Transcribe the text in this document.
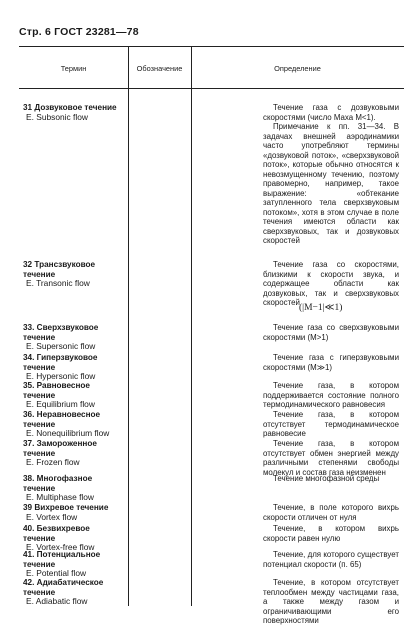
Стр. 6 ГОСТ 23281—78
Термин	Обозначение	Определение
31 Дозвуковое течение
E. Subsonic flow
32 Трансзвуковое течение
E. Transonic flow
33. Сверхзвуковое течение
E. Supersonic flow
34. Гиперзвуковое течение
E. Hypersonic flow
35. Равновесное течение
E. Equilibrium flow
36. Неравновесное течение
E. Nonequilibrium flow
37. Замороженное течение
E. Frozen flow
38. Многофазное течение
E. Multiphase flow
39 Вихревое течение
E. Vortex flow
40. Безвихревое течение
E. Vortex-free flow
41. Потенциальное течение
E. Potential flow
42. Адиабатическое течение
E. Adiabatic flow

Течение газа с дозвуковыми скоростями (число Маха M<1).

Примечание к пп. 31—34. В задачах внешней аэродинамики часто употребляют термины «дозвуковой поток», «сверхзвуковой поток», которые обычно относятся к невозмущенному течению, поэтому правомерно, например, такое выражение: «обтекание затупленного тела сверхзвуковым потоком», хотя в этом случае в поле течения имеются области как сверхзвуковых, так и дозвуковых скоростей

Течение газа со скоростями, близкими к скорости звука, и содержащее области как дозвуковых, так и сверхзвуковых скоростей

(|M−1|≪1)

Течение газа со сверхзвуковыми скоростями (M>1)

Течение газа с гиперзвуковыми скоростями (M≫1)

Течение газа, в котором поддерживается состояние полного термодинамического равновесия

Течение газа, в котором отсутствует термодинамическое равновесие

Течение газа, в котором отсутствует обмен энергией между различными степенями свободы молекул и состав газа неизменен

Течение многофазной среды

Течение, в поле которого вихрь скорости отличен от нуля

Течение, в котором вихрь скорости равен нулю

Течение, для которого существует потенциал скорости (п. 65)

Течение, в котором отсутствует теплообмен между частицами газа, а также между газом и ограничивающими его поверхностями
